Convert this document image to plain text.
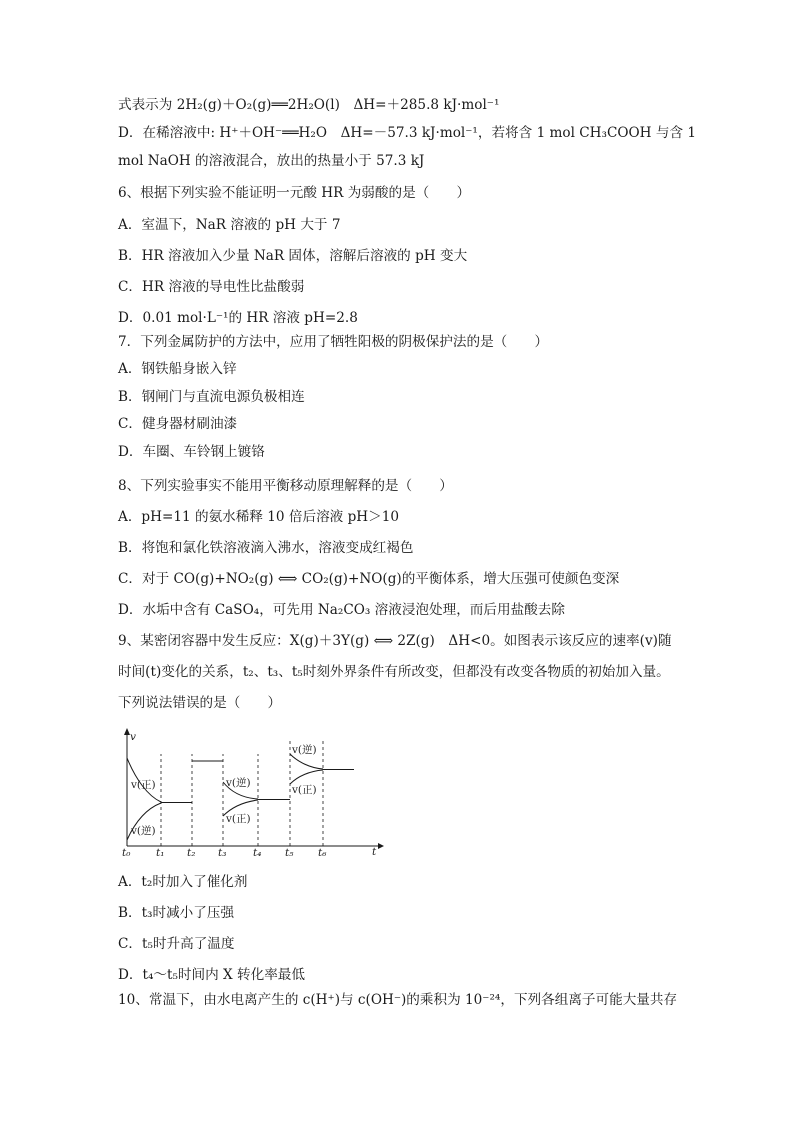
式表示为 2H₂(g)＋O₂(g)══2H₂O(l)　ΔH=＋285.8 kJ·mol⁻¹
D．在稀溶液中: H⁺＋OH⁻══H₂O　ΔH=－57.3 kJ·mol⁻¹，若将含 1 mol CH₃COOH 与含 1
mol NaOH 的溶液混合，放出的热量小于 57.3 kJ
6、根据下列实验不能证明一元酸 HR 为弱酸的是（　　）
A．室温下，NaR 溶液的 pH 大于 7
B．HR 溶液加入少量 NaR 固体，溶解后溶液的 pH 变大
C．HR 溶液的导电性比盐酸弱
D．0.01 mol·L⁻¹的 HR 溶液 pH=2.8
7．下列金属防护的方法中，应用了牺牲阳极的阴极保护法的是（　　）
A．钢铁船身嵌入锌
B．钢闸门与直流电源负极相连
C．健身器材刷油漆
D．车圈、车铃钢上镀铬
8、下列实验事实不能用平衡移动原理解释的是（　　）
A．pH=11 的氨水稀释 10 倍后溶液 pH＞10
B．将饱和氯化铁溶液滴入沸水，溶液变成红褐色
C．对于 CO(g)+NO₂(g) ⟺ CO₂(g)+NO(g)的平衡体系，增大压强可使颜色变深
D．水垢中含有 CaSO₄，可先用 Na₂CO₃ 溶液浸泡处理，而后用盐酸去除
9、某密闭容器中发生反应：X(g)＋3Y(g) ⟺ 2Z(g)　ΔH<0。如图表示该反应的速率(v)随
时间(t)变化的关系，t₂、t₃、t₅时刻外界条件有所改变，但都没有改变各物质的初始加入量。
下列说法错误的是（　　）
v(正)
v(逆)
v(逆)
v(正)
v(逆)
v(正)
v
t
t₀ t₁ t₂ t₃	t₄ t₅ t₆
A．t₂时加入了催化剂
B．t₃时减小了压强
C．t₅时升高了温度
D．t₄～t₅时间内 X 转化率最低
10、常温下，由水电离产生的 c(H⁺)与 c(OH⁻)的乘积为 10⁻²⁴，下列各组离子可能大量共存
